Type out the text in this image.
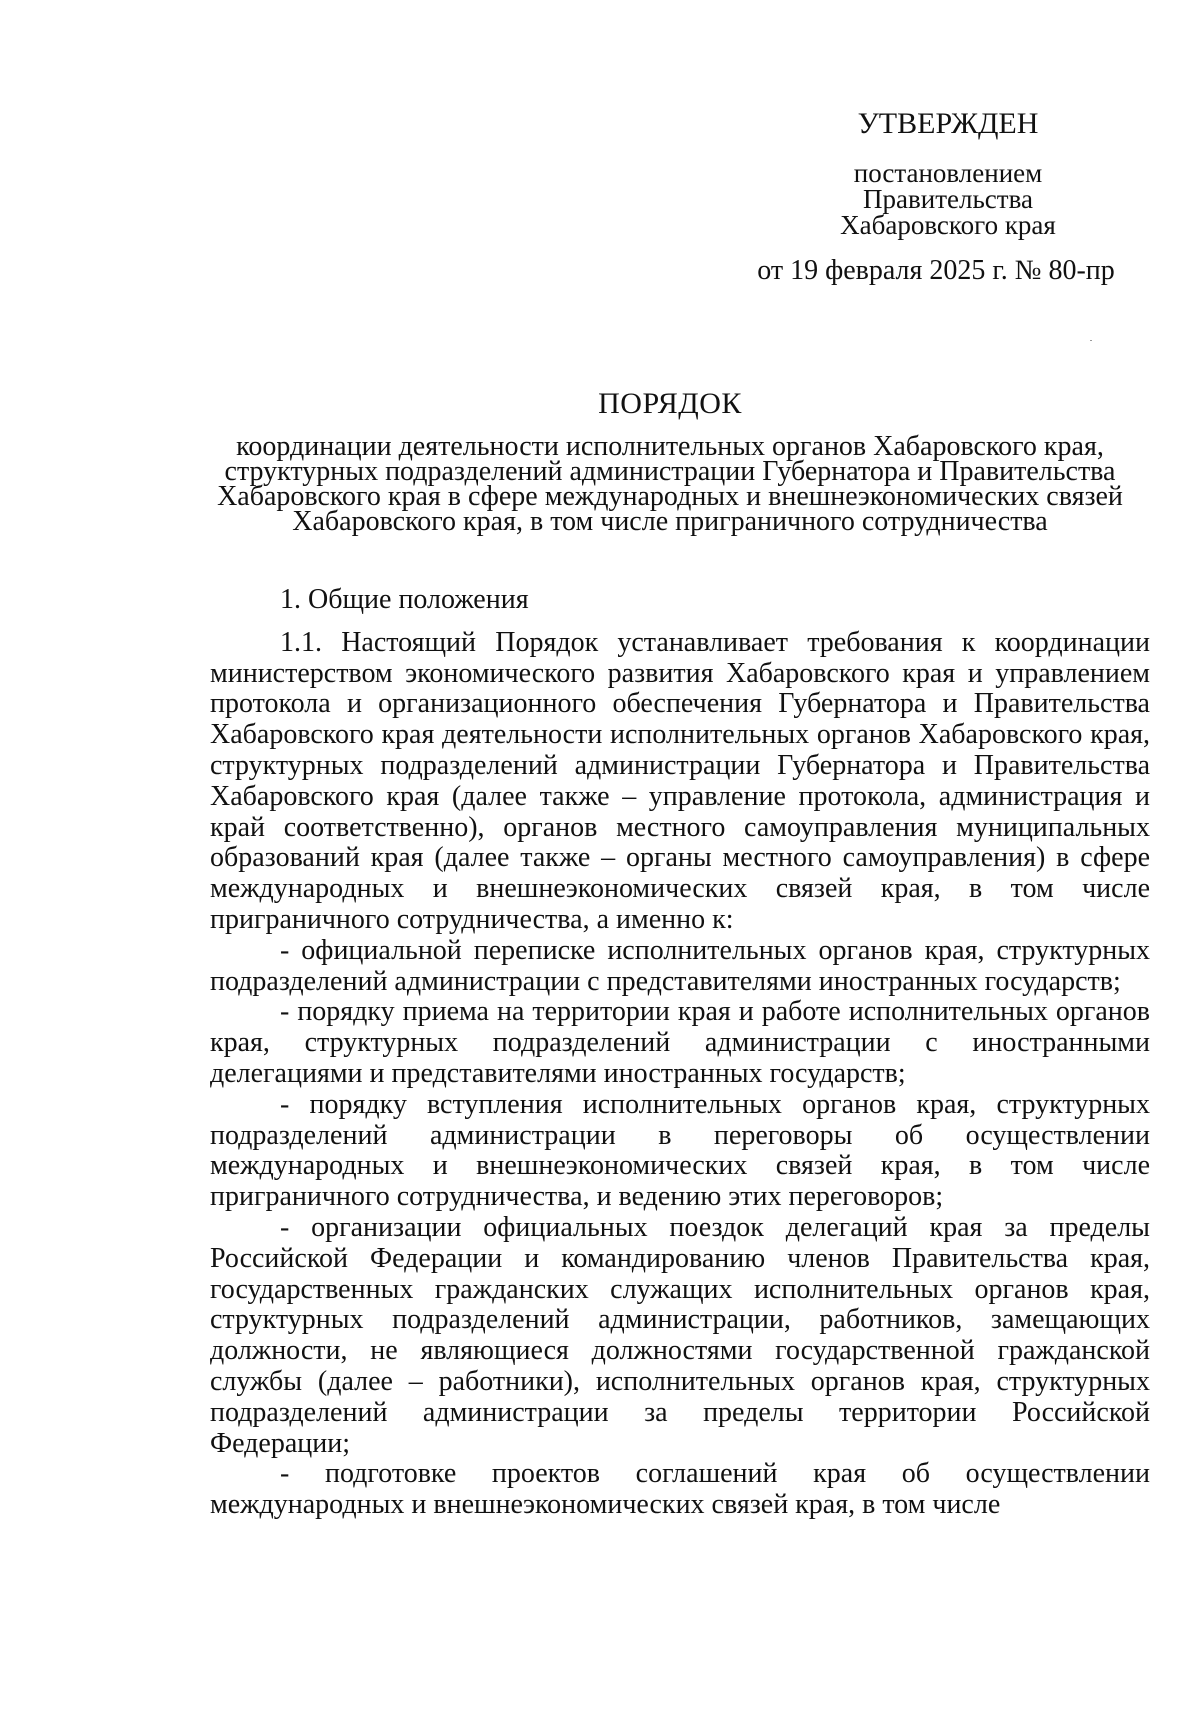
УТВЕРЖДЕН
постановлением
Правительства
Хабаровского края
от 19 февраля 2025 г. № 80-пр
ПОРЯДОК
координации деятельности исполнительных органов Хабаровского края,
структурных подразделений администрации Губернатора и Правительства
Хабаровского края в сфере международных и внешнеэкономических связей
Хабаровского края, в том числе приграничного сотрудничества
1. Общие положения

1.1. Настоящий Порядок устанавливает требования к координации министерством экономического развития Хабаровского края и управлением протокола и организационного обеспечения Губернатора и Правительства Хабаровского края деятельности исполнительных органов Хабаровского края, структурных подразделений администрации Губернатора и Правительства Хабаровского края (далее также – управление протокола, администрация и край соответственно), органов местного самоуправления муниципальных образований края (далее также – органы местного самоуправления) в сфере международных и внешнеэкономических связей края, в том числе приграничного сотрудничества, а именно к:

- официальной переписке исполнительных органов края, структурных подразделений администрации с представителями иностранных государств;

- порядку приема на территории края и работе исполнительных органов края, структурных подразделений администрации с иностранными делегациями и представителями иностранных государств;

- порядку вступления исполнительных органов края, структурных подразделений администрации в переговоры об осуществлении международных и внешнеэкономических связей края, в том числе приграничного сотрудничества, и ведению этих переговоров;

- организации официальных поездок делегаций края за пределы Российской Федерации и командированию членов Правительства края, государственных гражданских служащих исполнительных органов края, структурных подразделений администрации, работников, замещающих должности, не являющиеся должностями государственной гражданской службы (далее – работники), исполнительных органов края, структурных подразделений администрации за пределы территории Российской Федерации;

- подготовке проектов соглашений края об осуществлении международных и внешнеэкономических связей края, в том числе
